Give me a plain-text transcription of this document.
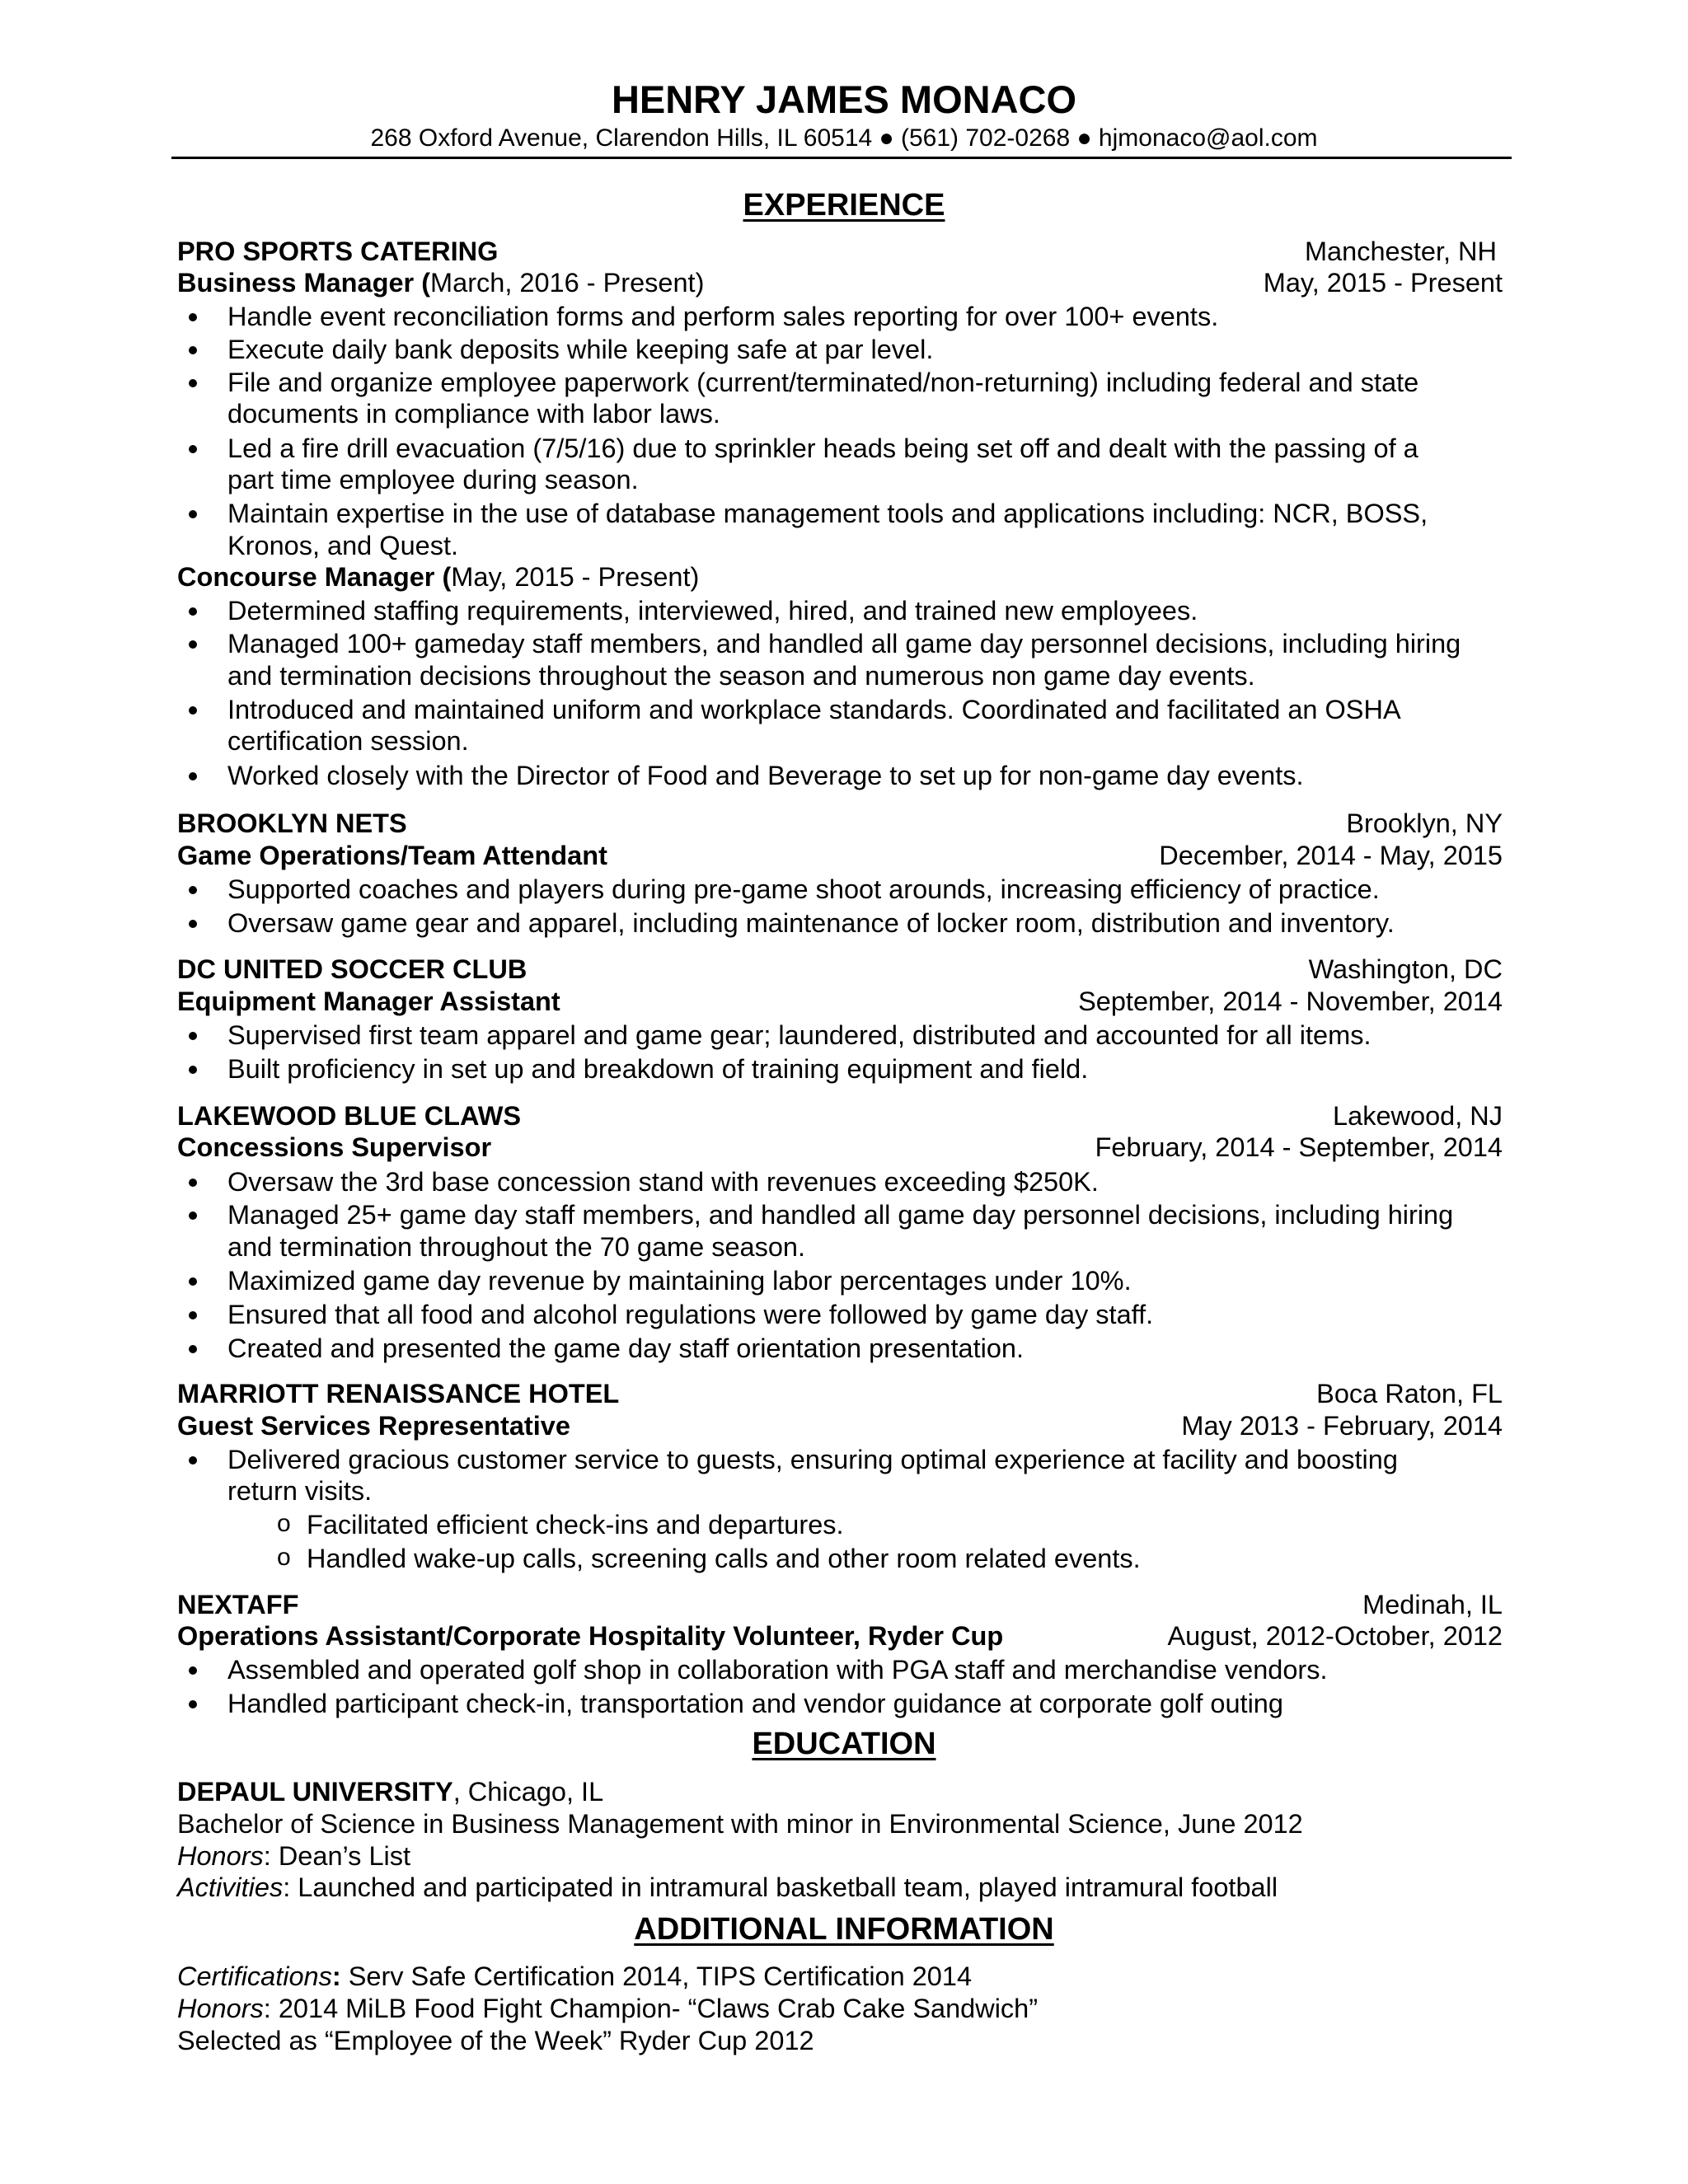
HENRY JAMES MONACO
268 Oxford Avenue, Clarendon Hills, IL 60514 ● (561) 702-0268 ● hjmonaco@aol.com
EXPERIENCE
PRO SPORTS CATERING	Manchester, NH
Business Manager (March, 2016 - Present)	May, 2015 - Present
Handle event reconciliation forms and perform sales reporting for over 100+ events.
Execute daily bank deposits while keeping safe at par level.
File and organize employee paperwork (current/terminated/non-returning) including federal and state
documents in compliance with labor laws.
Led a fire drill evacuation (7/5/16) due to sprinkler heads being set off and dealt with the passing of a
part time employee during season.
Maintain expertise in the use of database management tools and applications including: NCR, BOSS,
Kronos, and Quest.
Concourse Manager (May, 2015 - Present)
Determined staffing requirements, interviewed, hired, and trained new employees.
Managed 100+ gameday staff members, and handled all game day personnel decisions, including hiring
and termination decisions throughout the season and numerous non game day events.
Introduced and maintained uniform and workplace standards. Coordinated and facilitated an OSHA
certification session.
Worked closely with the Director of Food and Beverage to set up for non-game day events.
BROOKLYN NETS	Brooklyn, NY
Game Operations/Team Attendant	December, 2014 - May, 2015
Supported coaches and players during pre-game shoot arounds, increasing efficiency of practice.
Oversaw game gear and apparel, including maintenance of locker room, distribution and inventory.
DC UNITED SOCCER CLUB	Washington, DC
Equipment Manager Assistant	September, 2014 - November, 2014
Supervised first team apparel and game gear; laundered, distributed and accounted for all items.
Built proficiency in set up and breakdown of training equipment and field.
LAKEWOOD BLUE CLAWS	Lakewood, NJ
Concessions Supervisor	February, 2014 - September, 2014
Oversaw the 3rd base concession stand with revenues exceeding $250K.
Managed 25+ game day staff members, and handled all game day personnel decisions, including hiring
and termination throughout the 70 game season.
Maximized game day revenue by maintaining labor percentages under 10%.
Ensured that all food and alcohol regulations were followed by game day staff.
Created and presented the game day staff orientation presentation.
MARRIOTT RENAISSANCE HOTEL	Boca Raton, FL
Guest Services Representative	May 2013 - February, 2014
Delivered gracious customer service to guests, ensuring optimal experience at facility and boosting
return visits.
o Facilitated efficient check-ins and departures.
o Handled wake-up calls, screening calls and other room related events.
NEXTAFF	Medinah, IL
Operations Assistant/Corporate Hospitality Volunteer, Ryder Cup	August, 2012-October, 2012
Assembled and operated golf shop in collaboration with PGA staff and merchandise vendors.
Handled participant check-in, transportation and vendor guidance at corporate golf outing
EDUCATION
DEPAUL UNIVERSITY, Chicago, IL
Bachelor of Science in Business Management with minor in Environmental Science, June 2012
Honors: Dean’s List
Activities: Launched and participated in intramural basketball team, played intramural football
ADDITIONAL INFORMATION
Certifications: Serv Safe Certification 2014, TIPS Certification 2014
Honors: 2014 MiLB Food Fight Champion- “Claws Crab Cake Sandwich”
Selected as “Employee of the Week” Ryder Cup 2012
